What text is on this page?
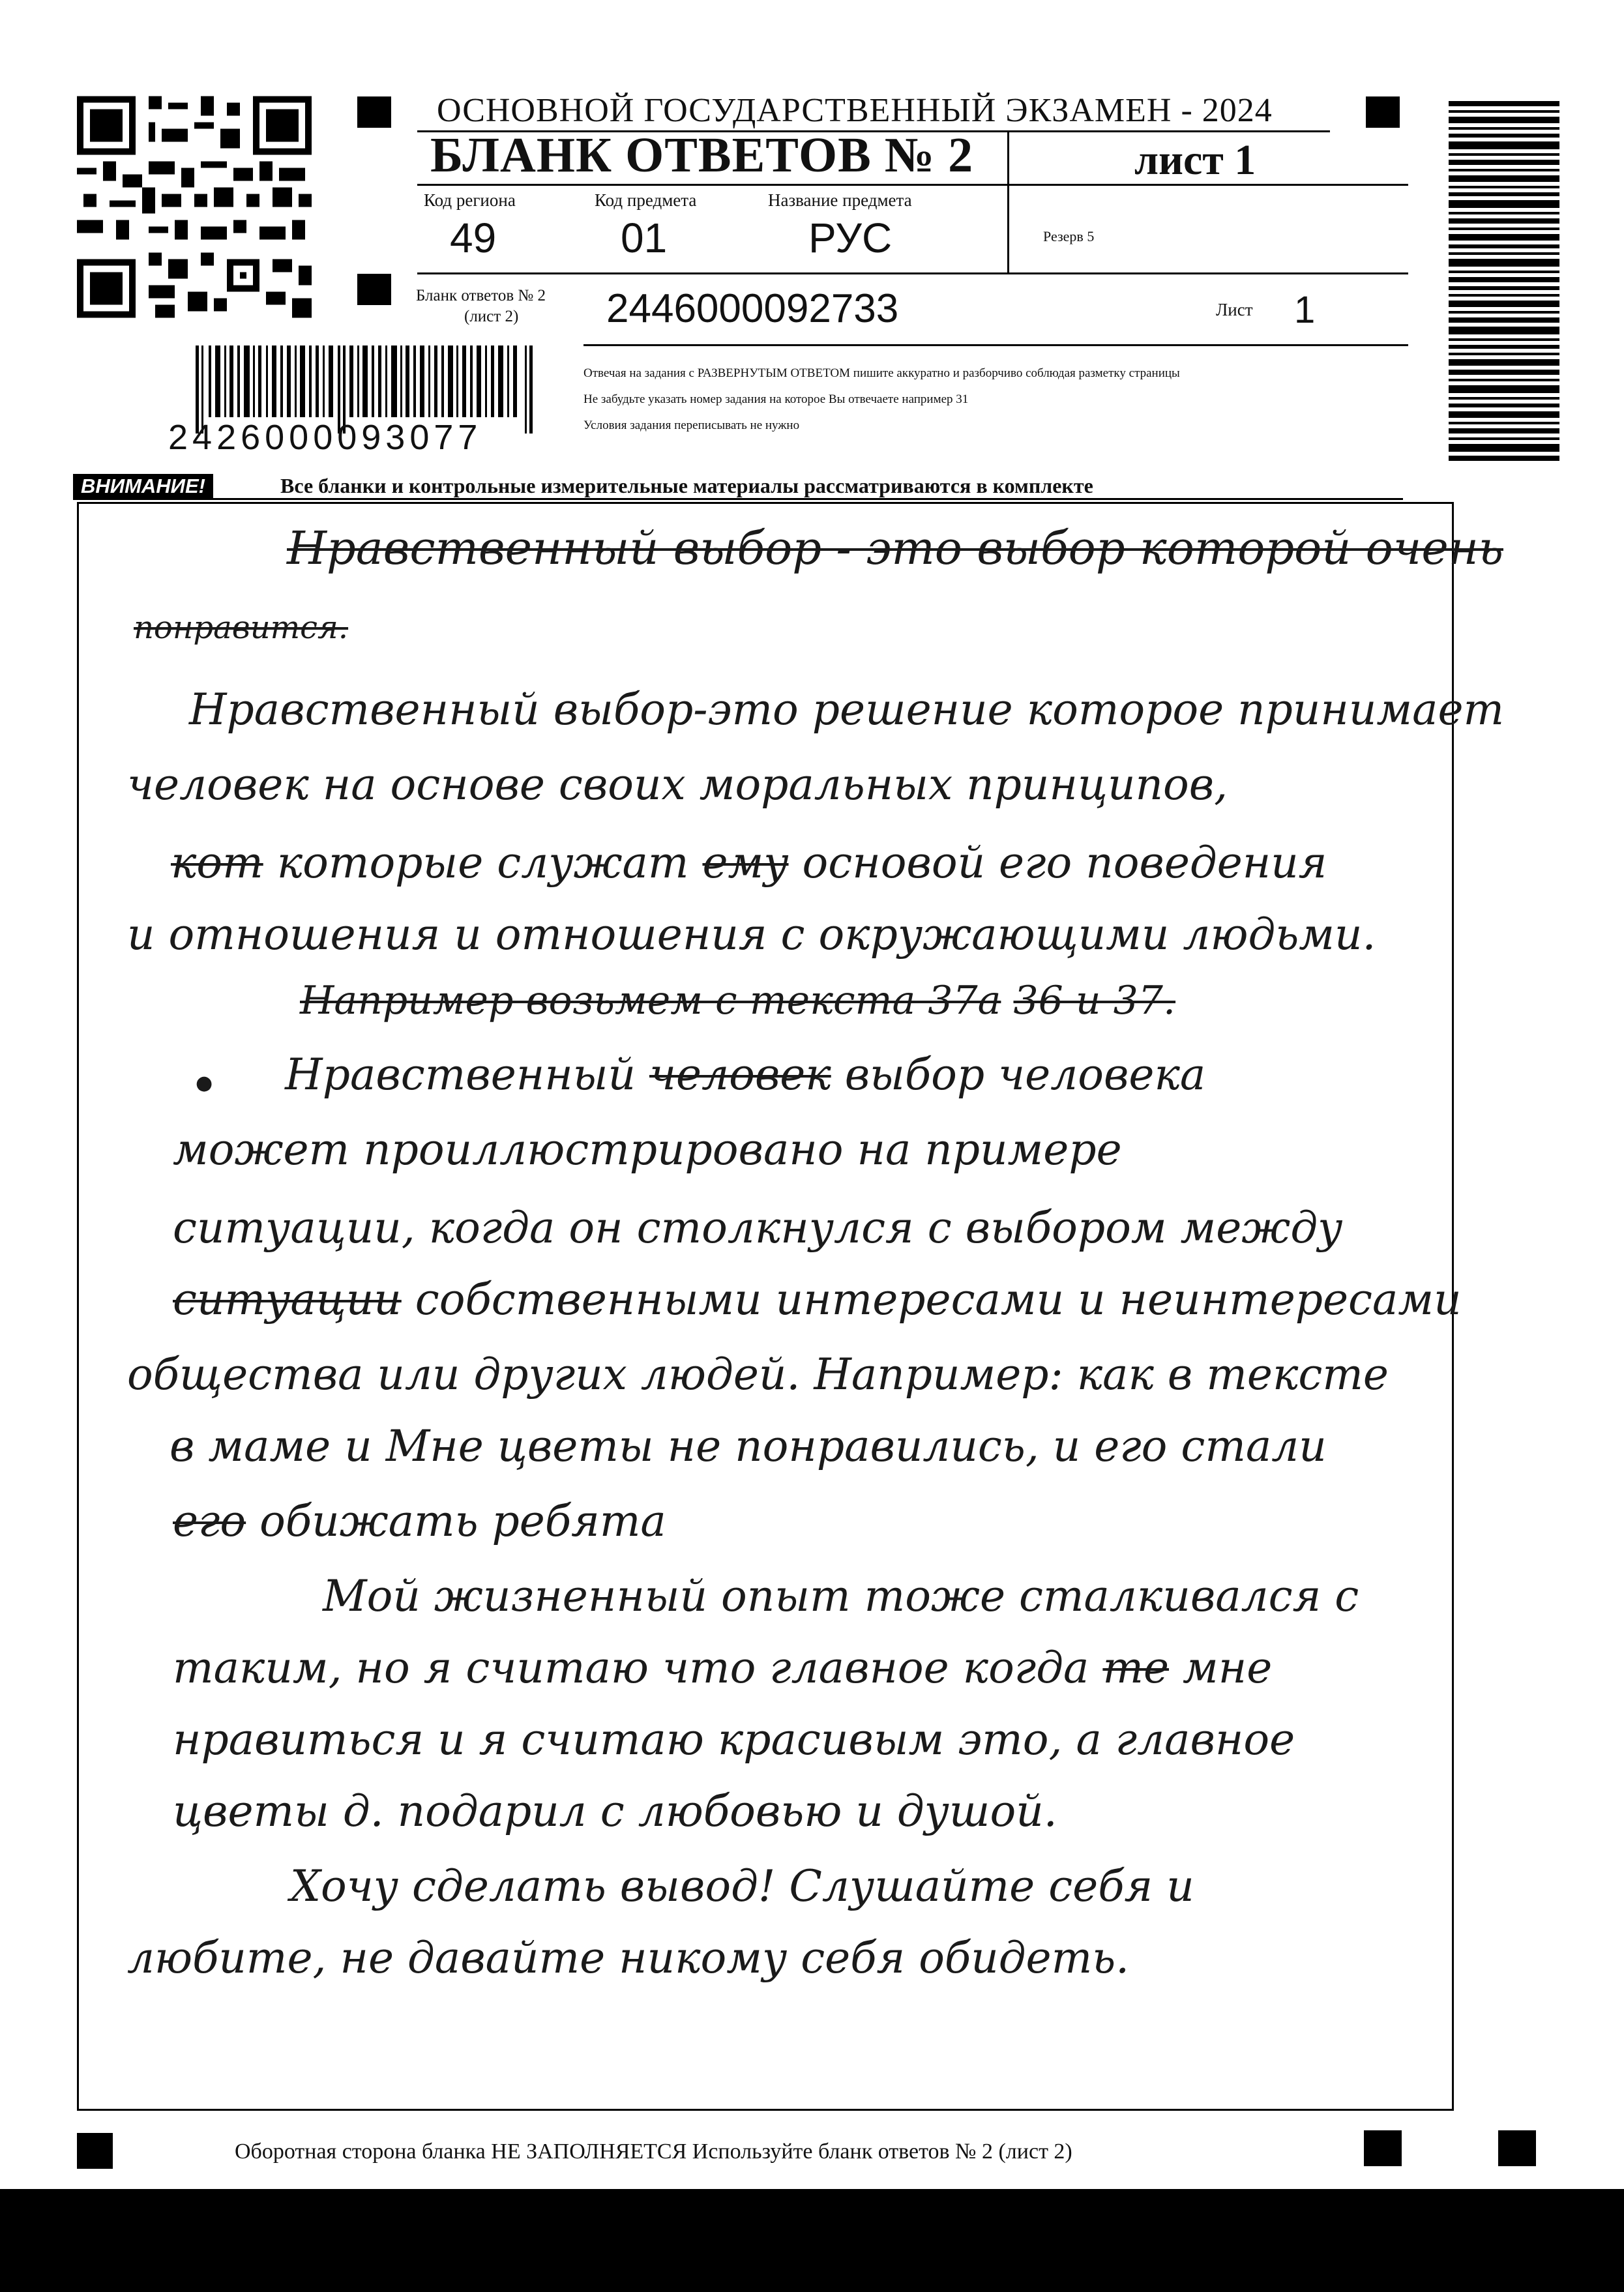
ОСНОВНОЙ ГОСУДАРСТВЕННЫЙ ЭКЗАМЕН - 2024
БЛАНК ОТВЕТОВ № 2	лист 1
Код региона	Код предмета	Название предмета
49	01	РУС	Резерв 5
Бланк ответов № 2
(лист 2) 2446000092733	Лист 1
Отвечая на задания с РАЗВЕРНУТЫМ ОТВЕТОМ пишите аккуратно и разборчиво соблюдая разметку страницы
Не забудьте указать номер задания на которое Вы отвечаете например 31
Условия задания переписывать не нужно
2426000093077
ВНИМАНИЕ!	Все бланки и контрольные измерительные материалы рассматриваются в комплекте
Нравственный выбор - это выбор которой очень
понравится.
Нравственный выбор-это решение которое принимает
человек на основе своих моральных принципов,
кот которые служат ему основой его поведения
и отношения и отношения с окружающими людьми.
Например возьмем с текста 37а 36 и 37.
● Нравственный человек выбор человека
может проиллюстрировано на примере
ситуации, когда он столкнулся с выбором между
ситуации собственными интересами и неинтересами
общества или других людей. Например: как в тексте
в маме и Мне цветы не понравились, и его стали
его обижать ребята
Мой жизненный опыт тоже сталкивался с
таким, но я считаю что главное когда те мне
нравиться и я считаю красивым это, а главное
цветы д. подарил с любовью и душой.
Хочу сделать вывод! Слушайте себя и
любите, не давайте никому себя обидеть.
Оборотная сторона бланка НЕ ЗАПОЛНЯЕТСЯ Используйте бланк ответов № 2 (лист 2)
